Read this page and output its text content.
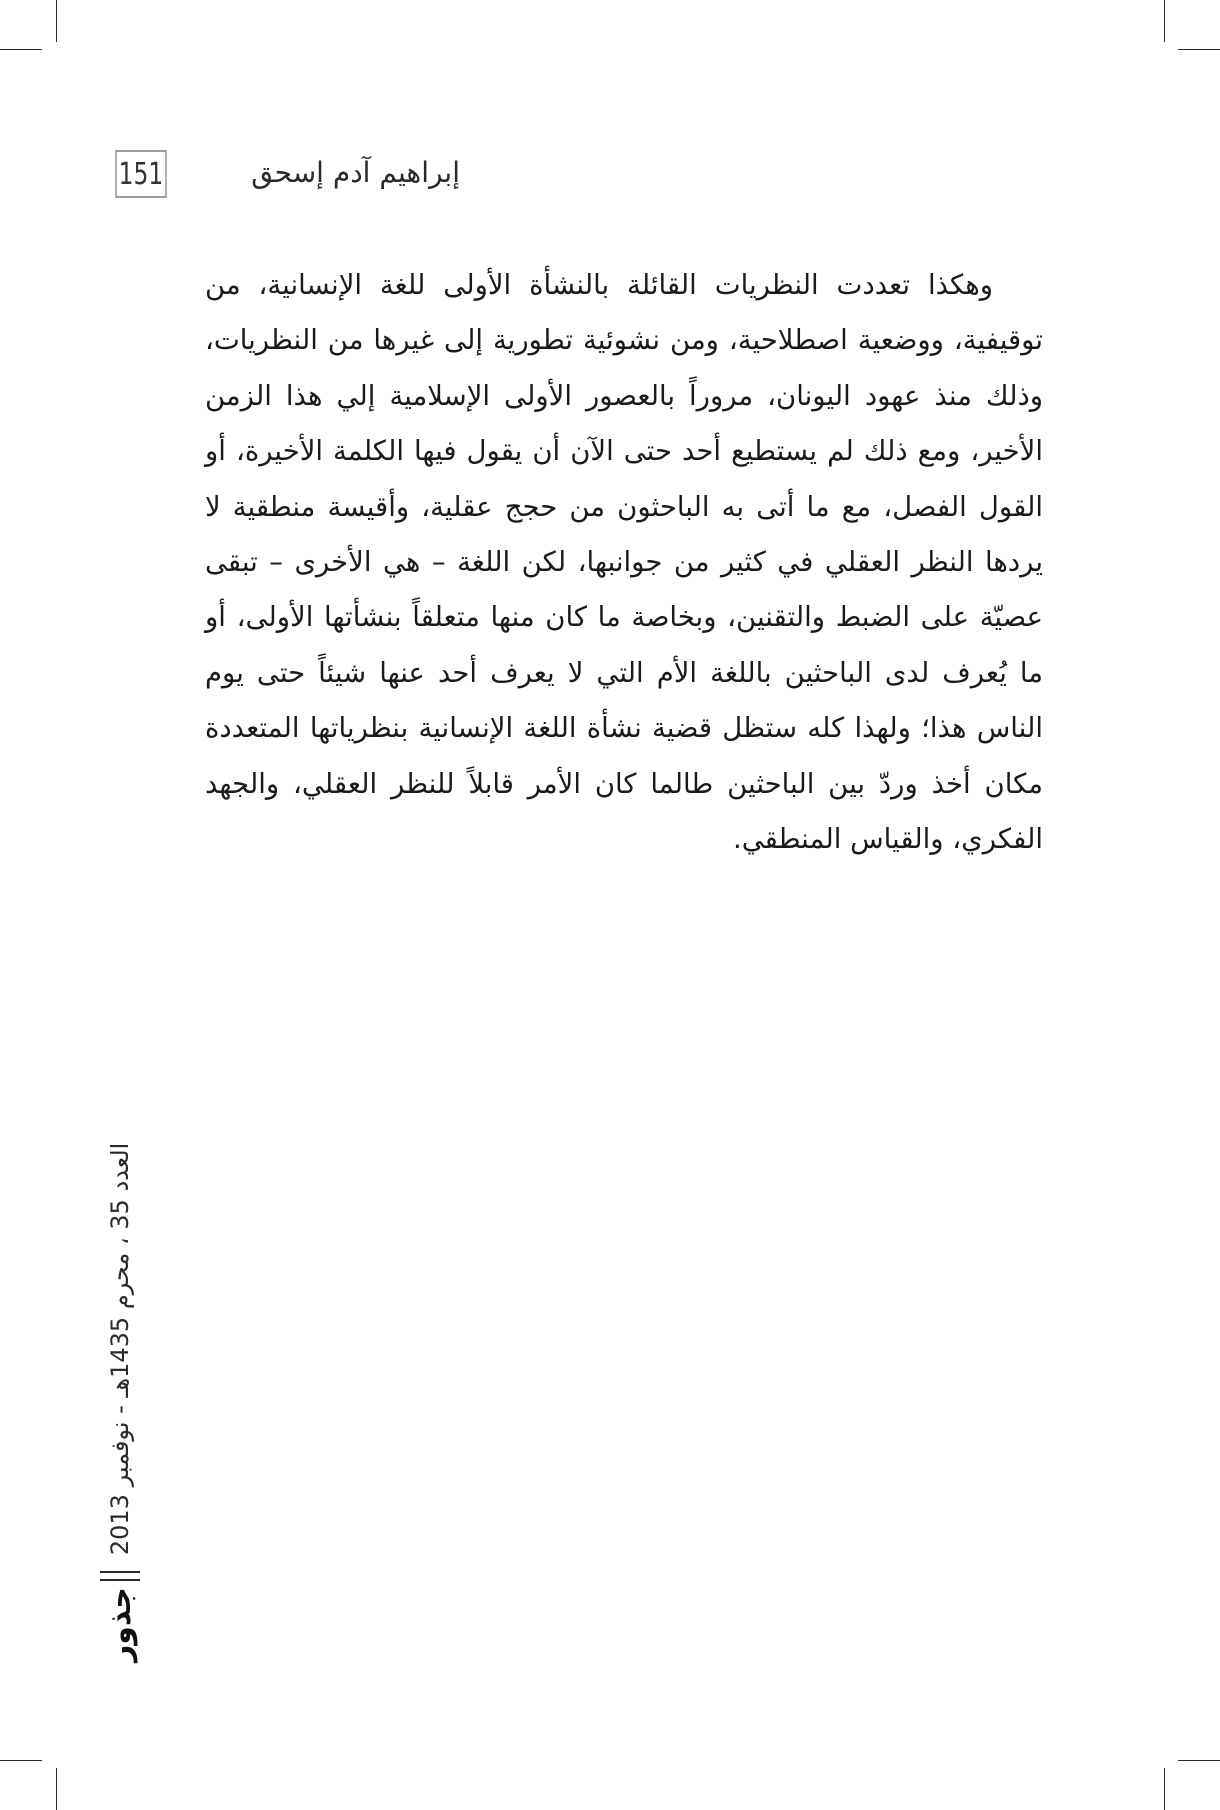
151	إبراهيم آدم إسحق

وهكذا تعددت النظريات القائلة بالنشأة الأولى للغة الإنسانية، من توقيفية، ووضعية اصطلاحية، ومن نشوئية تطورية إلى غيرها من النظريات، وذلك منذ عهود اليونان، مروراً بالعصور الأولى الإسلامية إلي هذا الزمن الأخير، ومع ذلك لم يستطيع أحد حتى الآن أن يقول فيها الكلمة الأخيرة، أو القول الفصل، مع ما أتى به الباحثون من حجج عقلية، وأقيسة منطقية لا يردها النظر العقلي في كثير من جوانبها، لكن اللغة – هي الأخرى – تبقى عصيّة على الضبط والتقنين، وبخاصة ما كان منها متعلقاً بنشأتها الأولى، أو ما يُعرف لدى الباحثين باللغة الأم التي لا يعرف أحد عنها شيئاً حتى يوم الناس هذا؛ ولهذا كله ستظل قضية نشأة اللغة الإنسانية بنظرياتها المتعددة مكان أخذ وردّ بين الباحثين طالما كان الأمر قابلاً للنظر العقلي، والجهد الفكري، والقياس المنطقي.

جذور
العدد 35 ، محرم 1435هـ - نوفمبر 2013
